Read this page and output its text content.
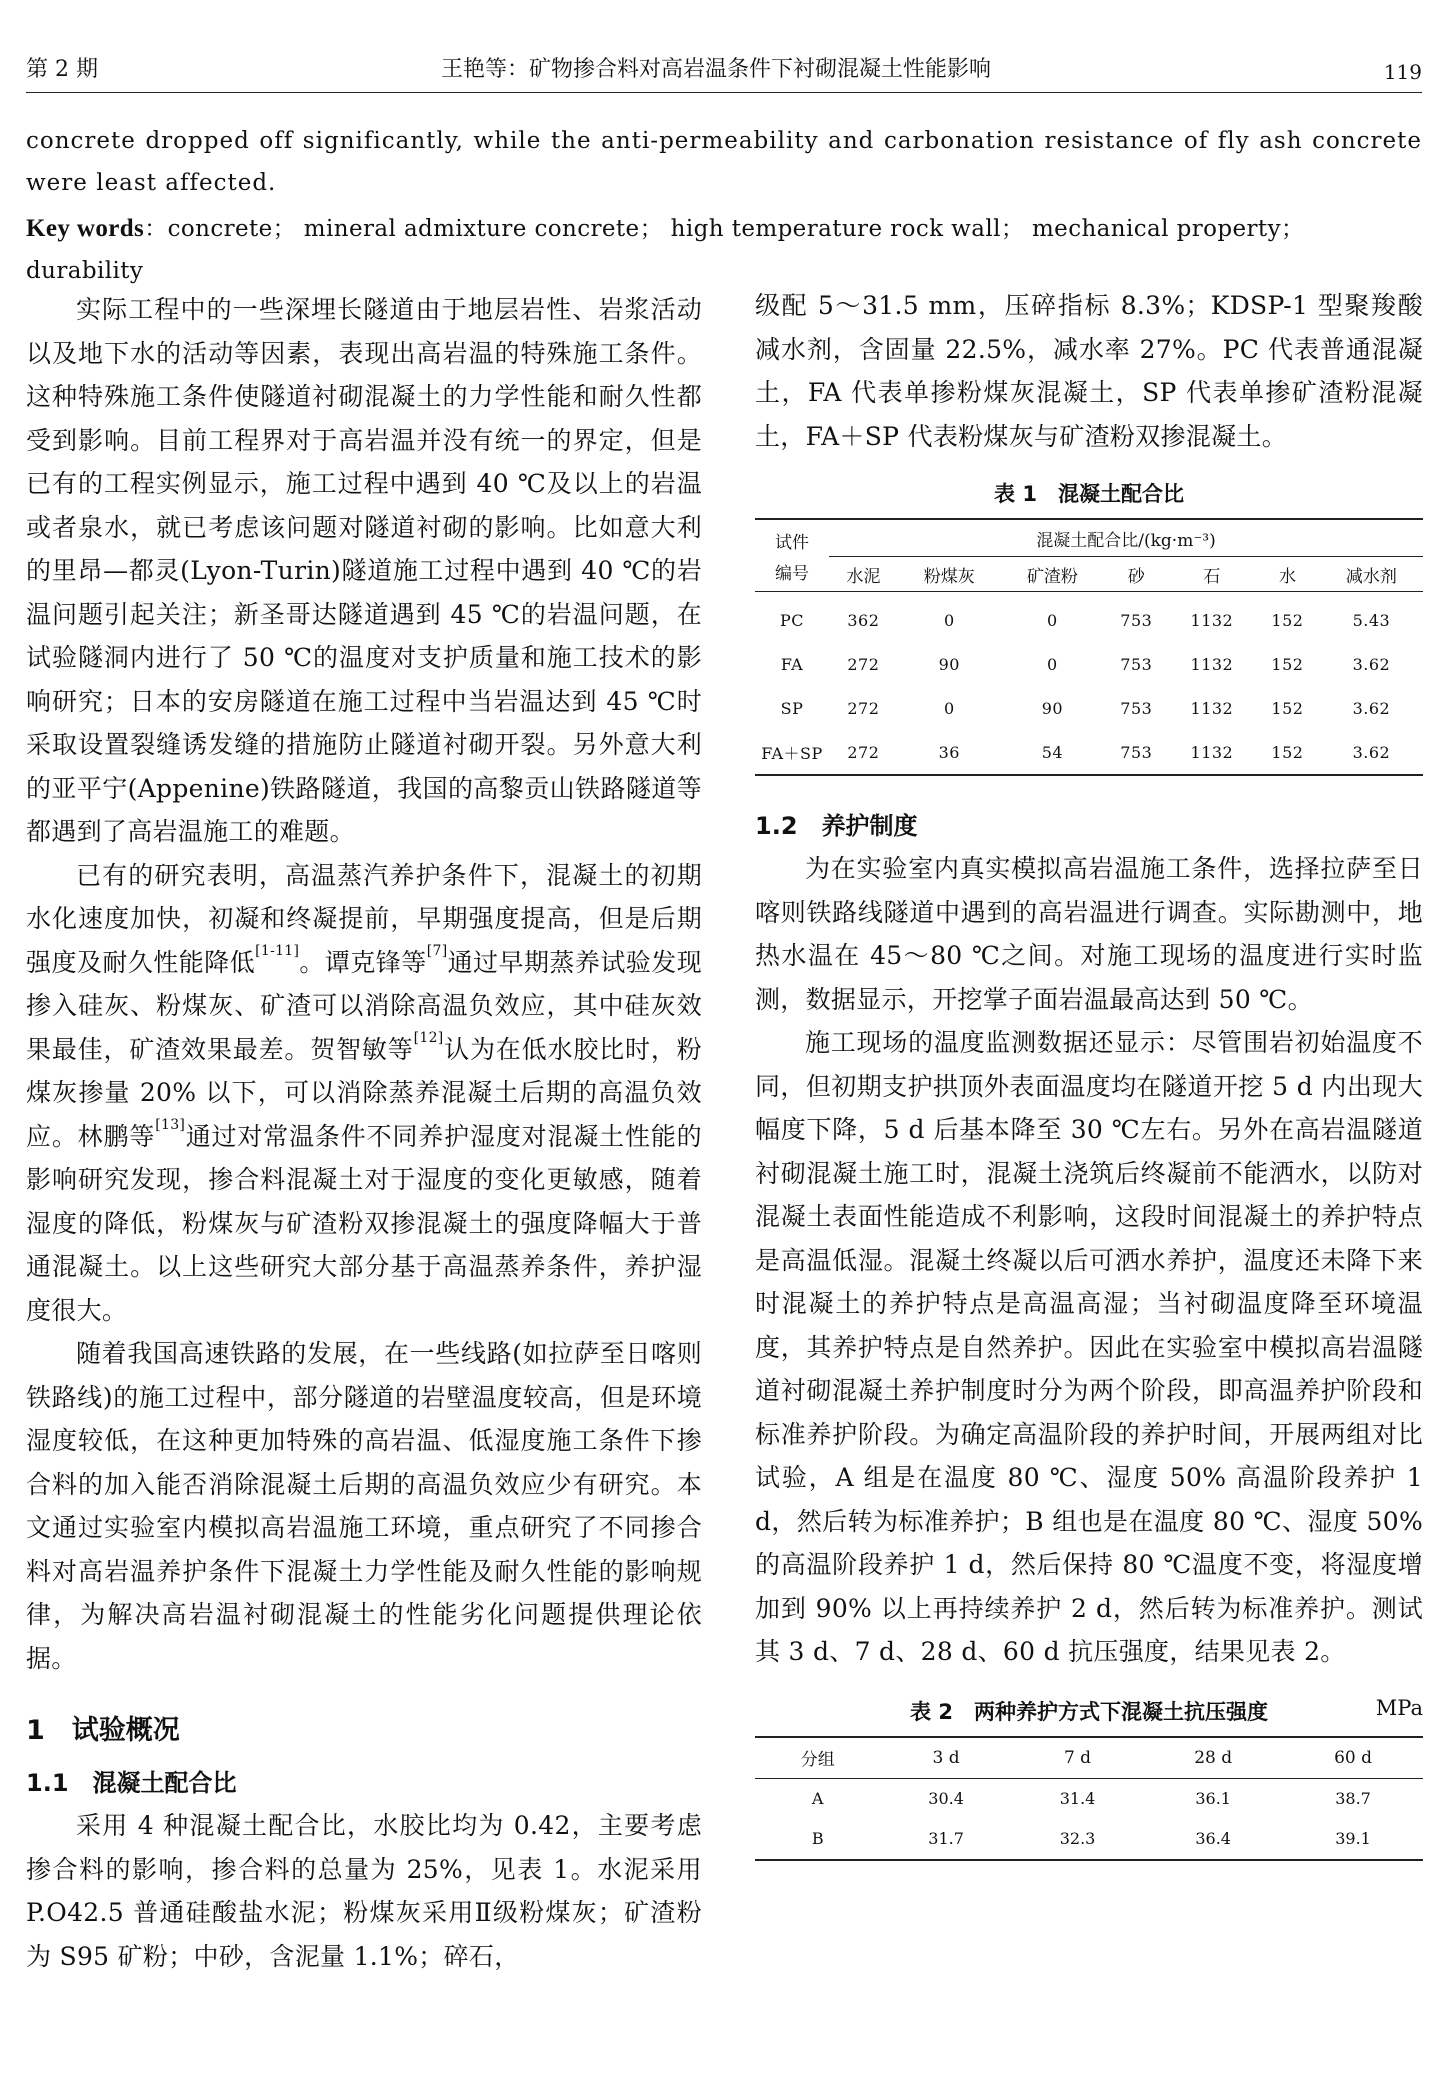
第 2 期	王艳等：矿物掺合料对高岩温条件下衬砌混凝土性能影响	119
concrete dropped off significantly, while the anti-permeability and carbonation resistance of fly ash concrete were least affected.
Key words：concrete； mineral admixture concrete； high temperature rock wall； mechanical property； durability

实际工程中的一些深埋长隧道由于地层岩性、岩浆活动以及地下水的活动等因素，表现出高岩温的特殊施工条件。这种特殊施工条件使隧道衬砌混凝土的力学性能和耐久性都受到影响。目前工程界对于高岩温并没有统一的界定，但是已有的工程实例显示，施工过程中遇到 40 ℃及以上的岩温或者泉水，就已考虑该问题对隧道衬砌的影响。比如意大利的里昂—都灵(Lyon-Turin)隧道施工过程中遇到 40 ℃的岩温问题引起关注；新圣哥达隧道遇到 45 ℃的岩温问题，在试验隧洞内进行了 50 ℃的温度对支护质量和施工技术的影响研究；日本的安房隧道在施工过程中当岩温达到 45 ℃时采取设置裂缝诱发缝的措施防止隧道衬砌开裂。另外意大利的亚平宁(Appenine)铁路隧道，我国的高黎贡山铁路隧道等都遇到了高岩温施工的难题。

已有的研究表明，高温蒸汽养护条件下，混凝土的初期水化速度加快，初凝和终凝提前，早期强度提高，但是后期强度及耐久性能降低[1-11]。谭克锋等[7]通过早期蒸养试验发现掺入硅灰、粉煤灰、矿渣可以消除高温负效应，其中硅灰效果最佳，矿渣效果最差。贺智敏等[12]认为在低水胶比时，粉煤灰掺量 20% 以下，可以消除蒸养混凝土后期的高温负效应。林鹏等[13]通过对常温条件不同养护湿度对混凝土性能的影响研究发现，掺合料混凝土对于湿度的变化更敏感，随着湿度的降低，粉煤灰与矿渣粉双掺混凝土的强度降幅大于普通混凝土。以上这些研究大部分基于高温蒸养条件，养护湿度很大。

随着我国高速铁路的发展，在一些线路(如拉萨至日喀则铁路线)的施工过程中，部分隧道的岩壁温度较高，但是环境湿度较低，在这种更加特殊的高岩温、低湿度施工条件下掺合料的加入能否消除混凝土后期的高温负效应少有研究。本文通过实验室内模拟高岩温施工环境，重点研究了不同掺合料对高岩温养护条件下混凝土力学性能及耐久性能的影响规律，为解决高岩温衬砌混凝土的性能劣化问题提供理论依据。

1　试验概况
1.1　混凝土配合比

采用 4 种混凝土配合比，水胶比均为 0.42，主要考虑掺合料的影响，掺合料的总量为 25%，见表 1。水泥采用 P.O42.5 普通硅酸盐水泥；粉煤灰采用Ⅱ级粉煤灰；矿渣粉为 S95 矿粉；中砂，含泥量 1.1%；碎石，

级配 5～31.5 mm，压碎指标 8.3%；KDSP-1 型聚羧酸减水剂，含固量 22.5%，减水率 27%。PC 代表普通混凝土，FA 代表单掺粉煤灰混凝土，SP 代表单掺矿渣粉混凝土，FA＋SP 代表粉煤灰与矿渣粉双掺混凝土。

表 1　混凝土配合比
试件
编号	混凝土配合比/(kg·m⁻³)						
	水泥	粉煤灰	矿渣粉	砂	石	水	减水剂
PC	362	0	0	753	1132	152	5.43
FA	272	90	0	753	1132	152	3.62
SP	272	0	90	753	1132	152	3.62
FA＋SP	272	36	54	753	1132	152	3.62
1.2　养护制度

为在实验室内真实模拟高岩温施工条件，选择拉萨至日喀则铁路线隧道中遇到的高岩温进行调查。实际勘测中，地热水温在 45～80 ℃之间。对施工现场的温度进行实时监测，数据显示，开挖掌子面岩温最高达到 50 ℃。

施工现场的温度监测数据还显示：尽管围岩初始温度不同，但初期支护拱顶外表面温度均在隧道开挖 5 d 内出现大幅度下降，5 d 后基本降至 30 ℃左右。另外在高岩温隧道衬砌混凝土施工时，混凝土浇筑后终凝前不能洒水，以防对混凝土表面性能造成不利影响，这段时间混凝土的养护特点是高温低湿。混凝土终凝以后可洒水养护，温度还未降下来时混凝土的养护特点是高温高湿；当衬砌温度降至环境温度，其养护特点是自然养护。因此在实验室中模拟高岩温隧道衬砌混凝土养护制度时分为两个阶段，即高温养护阶段和标准养护阶段。为确定高温阶段的养护时间，开展两组对比试验，A 组是在温度 80 ℃、湿度 50% 高温阶段养护 1 d，然后转为标准养护；B 组也是在温度 80 ℃、湿度 50% 的高温阶段养护 1 d，然后保持 80 ℃温度不变，将湿度增加到 90% 以上再持续养护 2 d，然后转为标准养护。测试其 3 d、7 d、28 d、60 d 抗压强度，结果见表 2。

表 2　两种养护方式下混凝土抗压强度	MPa
分组	3 d	7 d	28 d	60 d
A	30.4	31.4	36.1	38.7
B	31.7	32.3	36.4	39.1
